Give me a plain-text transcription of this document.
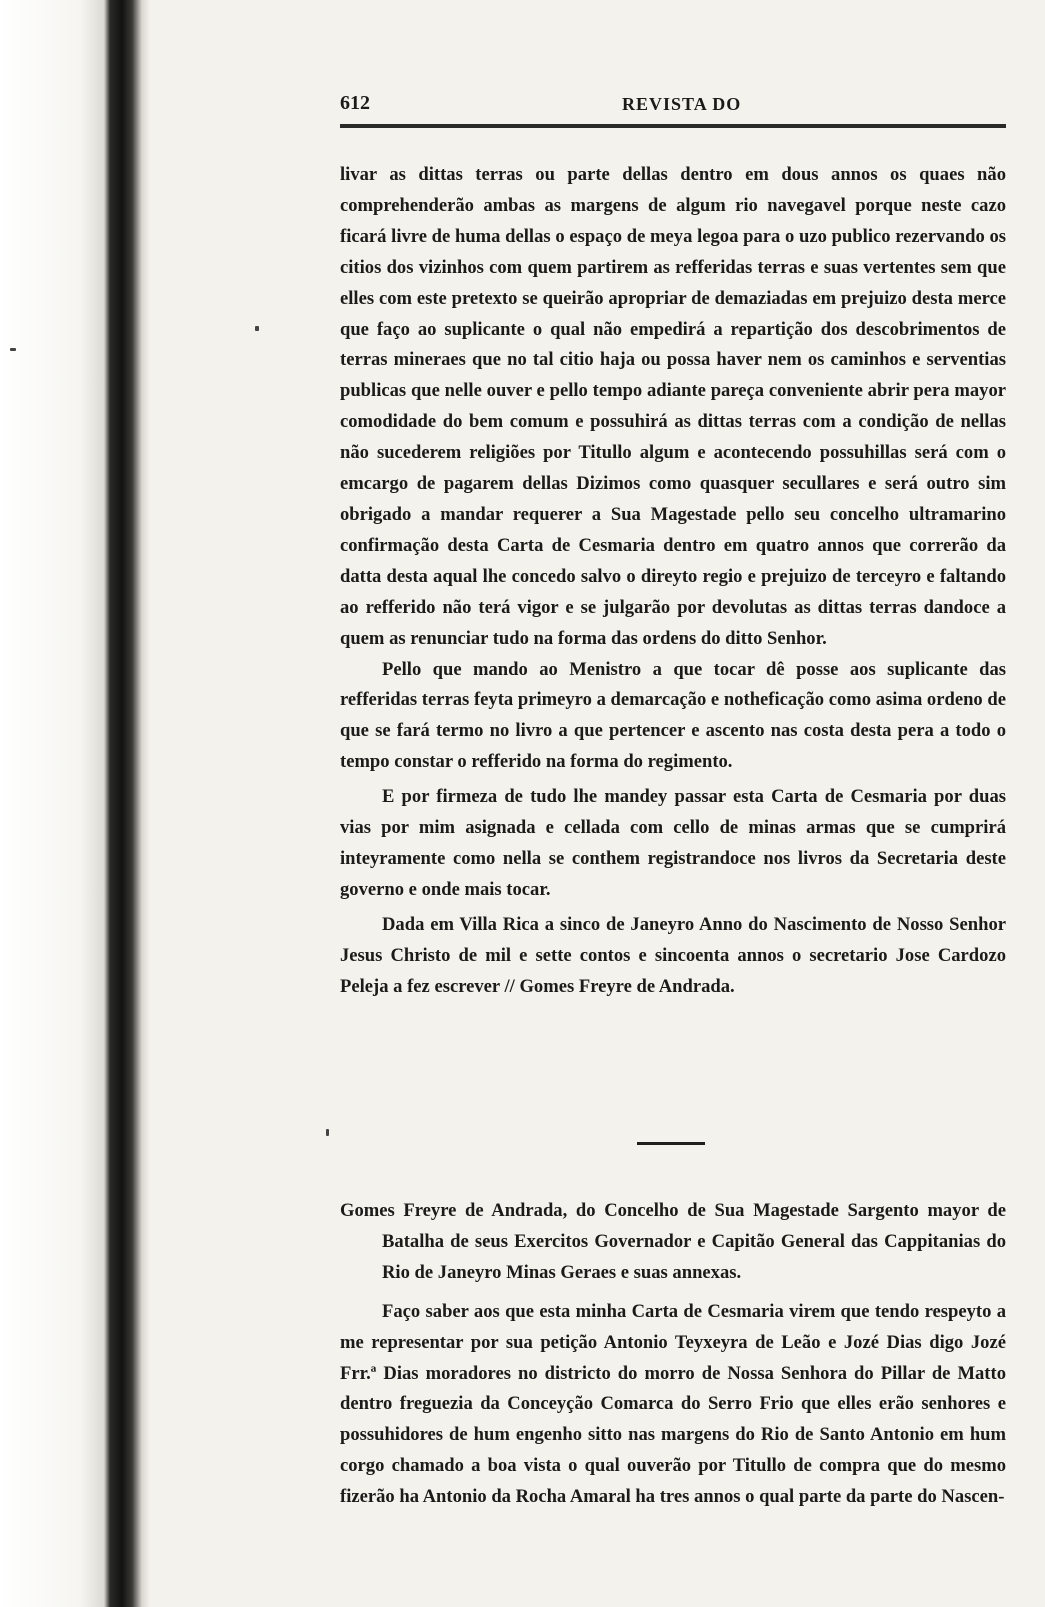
612	REVISTA DO

livar as dittas terras ou parte dellas dentro em dous annos os quaes não comprehenderão ambas as margens de algum rio navegavel porque neste cazo ficará livre de huma dellas o espaço de meya legoa para o uzo publico rezervando os citios dos vizinhos com quem partirem as refferidas terras e suas vertentes sem que elles com este pretexto se queirão apropriar de demaziadas em prejuizo desta merce que faço ao suplicante o qual não empedirá a repartição dos descobrimentos de terras mineraes que no tal citio haja ou possa haver nem os caminhos e serventias publicas que nelle ouver e pello tempo adiante pareça conveniente abrir pera mayor comodidade do bem comum e possuhirá as dittas terras com a condição de nellas não sucederem religiões por Titullo algum e acontecendo possuhillas será com o emcargo de pagarem dellas Dizimos como quasquer secullares e será outro sim obrigado a mandar requerer a Sua Magestade pello seu concelho ultramarino confirmação desta Carta de Cesmaria dentro em quatro annos que correrão da datta desta aqual lhe concedo salvo o direyto regio e prejuizo de terceyro e faltando ao refferido não terá vigor e se julgarão por devolutas as dittas terras dandoce a quem as renunciar tudo na forma das ordens do ditto Senhor.

Pello que mando ao Menistro a que tocar dê posse aos suplicante das refferidas terras feyta primeyro a demarcação e notheficação como asima ordeno de que se fará termo no livro a que pertencer e ascento nas costa desta pera a todo o tempo constar o refferido na forma do regimento.

E por firmeza de tudo lhe mandey passar esta Carta de Cesmaria por duas vias por mim asignada e cellada com cello de minas armas que se cumprirá inteyramente como nella se conthem registrandoce nos livros da Secretaria deste governo e onde mais tocar.

Dada em Villa Rica a sinco de Janeyro Anno do Nascimento de Nosso Senhor Jesus Christo de mil e sette contos e sincoenta annos o secretario Jose Cardozo Peleja a fez escrever // Gomes Freyre de Andrada.

Gomes Freyre de Andrada, do Concelho de Sua Magestade Sargento mayor de Batalha de seus Exercitos Governador e Capitão General das Cappitanias do Rio de Janeyro Minas Geraes e suas annexas.

Faço saber aos que esta minha Carta de Cesmaria virem que tendo respeyto a me representar por sua petição Antonio Teyxeyra de Leão e Jozé Dias digo Jozé Frr.ª Dias moradores no districto do morro de Nossa Senhora do Pillar de Matto dentro freguezia da Conceyção Comarca do Serro Frio que elles erão senhores e possuhidores de hum engenho sitto nas margens do Rio de Santo Antonio em hum corgo chamado a boa vista o qual ouverão por Titullo de compra que do mesmo fizerão ha Antonio da Rocha Amaral ha tres annos o qual parte da parte do Nascen-
